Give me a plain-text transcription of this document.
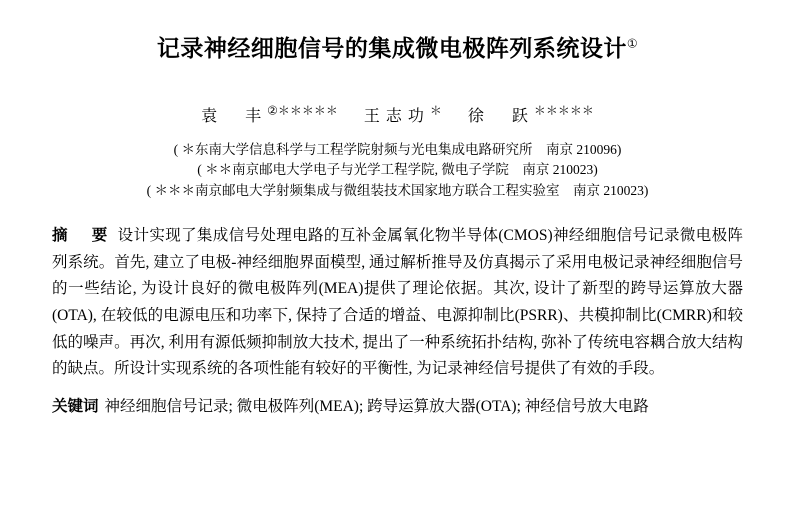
记录神经细胞信号的集成微电极阵列系统设计①
袁　丰②＊＊＊＊＊ 王志功＊ 徐　跃＊＊＊＊＊
( ＊东南大学信息科学与工程学院射频与光电集成电路研究所　南京 210096)
( ＊＊南京邮电大学电子与光学工程学院, 微电子学院　南京 210023)
( ＊＊＊南京邮电大学射频集成与微组装技术国家地方联合工程实验室　南京 210023)
摘　要 设计实现了集成信号处理电路的互补金属氧化物半导体(CMOS)神经细胞信号记录微电极阵列系统。首先, 建立了电极-神经细胞界面模型, 通过解析推导及仿真揭示了采用电极记录神经细胞信号的一些结论, 为设计良好的微电极阵列(MEA)提供了理论依据。其次, 设计了新型的跨导运算放大器(OTA), 在较低的电源电压和功率下, 保持了合适的增益、电源抑制比(PSRR)、共模抑制比(CMRR)和较低的噪声。再次, 利用有源低频抑制放大技术, 提出了一种系统拓扑结构, 弥补了传统电容耦合放大结构的缺点。所设计实现系统的各项性能有较好的平衡性, 为记录神经信号提供了有效的手段。
关键词 神经细胞信号记录; 微电极阵列(MEA); 跨导运算放大器(OTA); 神经信号放大电路
